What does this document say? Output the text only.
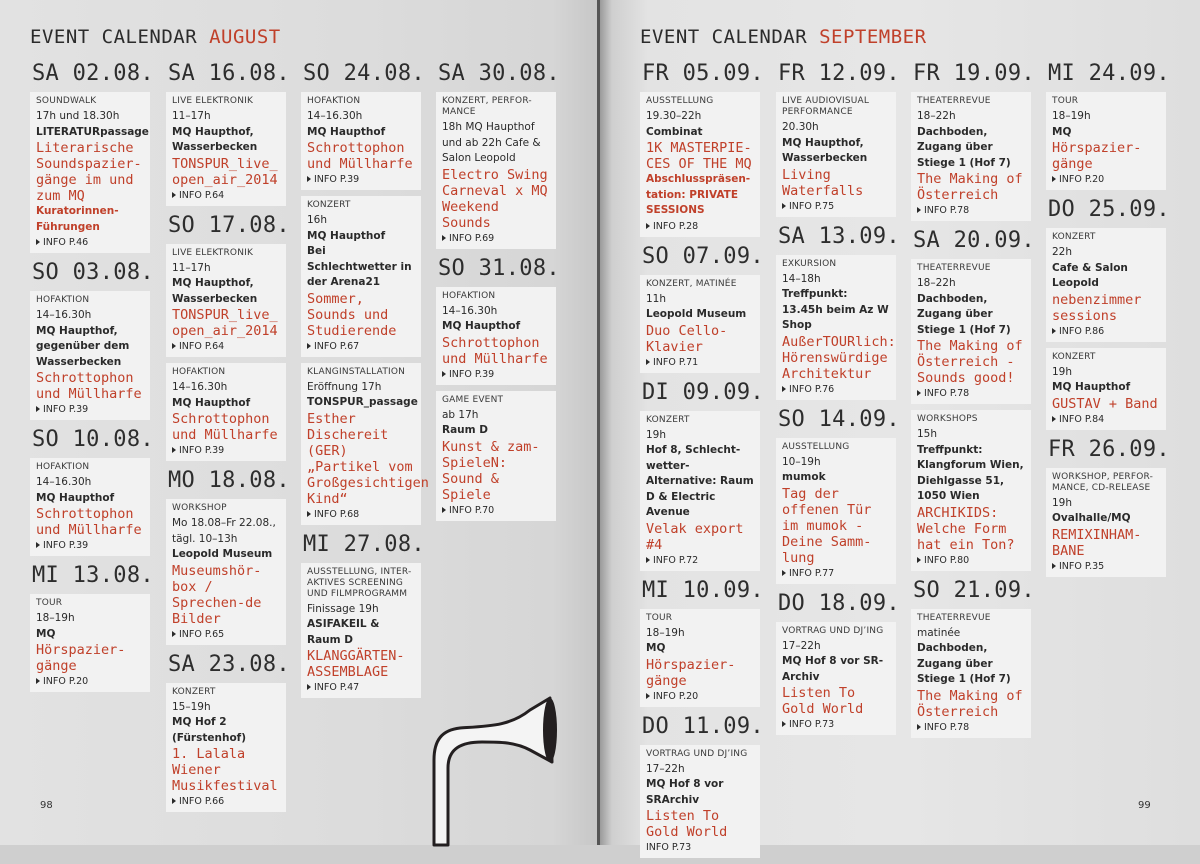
EVENT CALENDAR AUGUST
SA 02.08.
SOUNDWALK
17h und 18.30h
LITERATURpassage
Literarische Soundspazier-gänge im und zum MQ
Kuratorinnen-Führungen
INFO P.46
SO 03.08.
HOFAKTION
14–16.30h
MQ Haupthof, gegenüber dem Wasserbecken
Schrottophon und Müllharfe
INFO P.39
SO 10.08.
HOFAKTION
14–16.30h
MQ Haupthof
Schrottophon und Müllharfe
INFO P.39
MI 13.08.
TOUR
18–19h
MQ
Hörspazier-gänge
INFO P.20
SA 16.08.
LIVE ELEKTRONIK
11–17h
MQ Haupthof, Wasserbecken
TONSPUR_live_ open_air_2014
INFO P.64
SO 17.08.
LIVE ELEKTRONIK
11–17h
MQ Haupthof, Wasserbecken
TONSPUR_live_ open_air_2014
INFO P.64
HOFAKTION
14–16.30h
MQ Haupthof
Schrottophon und Müllharfe
INFO P.39
MO 18.08.
WORKSHOP
Mo 18.08–Fr 22.08., tägl. 10–13h
Leopold Museum
Museumshör-box / Sprechen-de Bilder
INFO P.65
SA 23.08.
KONZERT
15–19h
MQ Hof 2 (Fürstenhof)
1. Lalala Wiener Musikfestival
INFO P.66
SO 24.08.
HOFAKTION
14–16.30h
MQ Haupthof
Schrottophon und Müllharfe
INFO P.39
KONZERT
16h
MQ Haupthof
Bei Schlechtwetter in der Arena21
Sommer, Sounds und Studierende
INFO P.67
KLANGINSTALLATION
Eröffnung 17h
TONSPUR_passage
Esther Dischereit (GER) „Partikel vom Großgesichtigen Kind“
INFO P.68
MI 27.08.
AUSSTELLUNG, INTER-AKTIVES SCREENING UND FILMPROGRAMM
Finissage 19h
ASIFAKEIL & Raum D
KLANGGÄRTEN-ASSEMBLAGE
INFO P.47
SA 30.08.
KONZERT, PERFOR-MANCE
18h MQ Haupthof und ab 22h Cafe & Salon Leopold
Electro Swing Carneval x MQ Weekend Sounds
INFO P.69
SO 31.08.
HOFAKTION
14–16.30h
MQ Haupthof
Schrottophon und Müllharfe
INFO P.39
GAME EVENT
ab 17h
Raum D
Kunst & zam-SpieleN: Sound & Spiele
INFO P.70
98
EVENT CALENDAR SEPTEMBER
FR 05.09.
AUSSTELLUNG
19.30–22h
Combinat
1K MASTERPIE-CES OF THE MQ
Abschlusspräsen-tation: PRIVATE SESSIONS
INFO P.28
SO 07.09.
KONZERT, MATINÉE
11h
Leopold Museum
Duo Cello-Klavier
INFO P.71
DI 09.09.
KONZERT
19h
Hof 8, Schlecht-wetter-Alternative: Raum D & Electric Avenue
Velak export #4
INFO P.72
MI 10.09.
TOUR
18–19h
MQ
Hörspazier-gänge
INFO P.20
DO 11.09.
VORTRAG UND DJ’ING
17–22h
MQ Hof 8 vor SRArchiv
Listen To Gold World
INFO P.73
FR 12.09.
LIVE AUDIOVISUAL PERFORMANCE
20.30h
MQ Haupthof, Wasserbecken
Living Waterfalls
INFO P.75
SA 13.09.
EXKURSION
14–18h
Treffpunkt: 13.45h beim Az W Shop
AußerTOURlich: Hörenswürdige Architektur
INFO P.76
SO 14.09.
AUSSTELLUNG
10–19h
mumok
Tag der offenen Tür im mumok - Deine Samm-lung
INFO P.77
DO 18.09.
VORTRAG UND DJ’ING
17–22h
MQ Hof 8 vor SR-Archiv
Listen To Gold World
INFO P.73
FR 19.09.
THEATERREVUE
18–22h
Dachboden, Zugang über Stiege 1 (Hof 7)
The Making of Österreich
INFO P.78
SA 20.09.
THEATERREVUE
18–22h
Dachboden, Zugang über Stiege 1 (Hof 7)
The Making of Österreich - Sounds good!
INFO P.78
WORKSHOPS
15h
Treffpunkt: Klangforum Wien, Diehlgasse 51, 1050 Wien
ARCHIKIDS: Welche Form hat ein Ton?
INFO P.80
SO 21.09.
THEATERREVUE
matinée
Dachboden, Zugang über Stiege 1 (Hof 7)
The Making of Österreich
INFO P.78
MI 24.09.
TOUR
18–19h
MQ
Hörspazier-gänge
INFO P.20
DO 25.09.
KONZERT
22h
Cafe & Salon Leopold
nebenzimmer sessions
INFO P.86
KONZERT
19h
MQ Haupthof
GUSTAV + Band
INFO P.84
FR 26.09.
WORKSHOP, PERFOR-MANCE, CD-RELEASE
19h
Ovalhalle/MQ
REMIXINHAM-BANE
INFO P.35
99
